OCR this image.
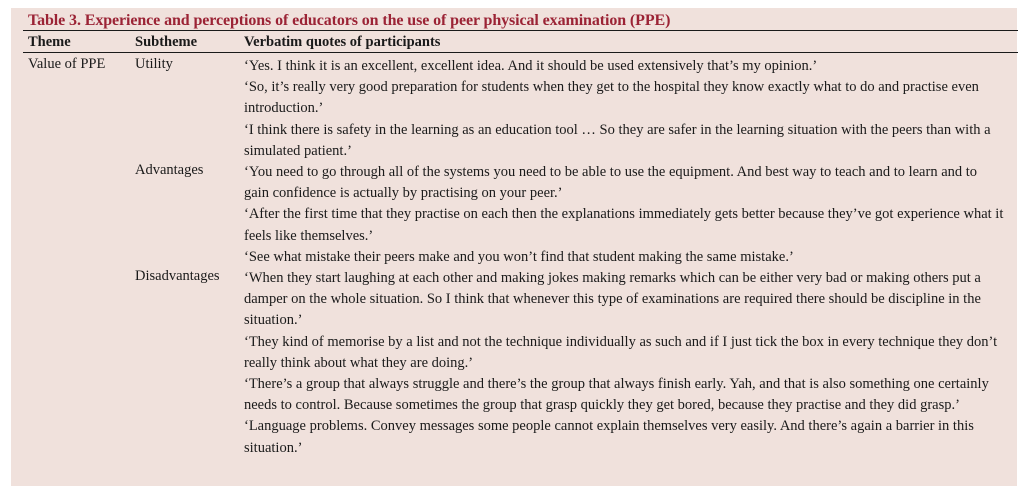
Table 3. Experience and perceptions of educators on the use of peer physical examination (PPE)
Theme	Subtheme	Verbatim quotes of participants
Value of PPE Utility
Advantages
Disadvantages

‘Yes. I think it is an excellent, excellent idea. And it should be used extensively that’s my opinion.’

‘So, it’s really very good preparation for students when they get to the hospital they know exactly what to do and practise even introduction.’

‘I think there is safety in the learning as an education tool … So they are safer in the learning situation with the peers than with a simulated patient.’

‘You need to go through all of the systems you need to be able to use the equipment. And best way to teach and to learn and to gain confidence is actually by practising on your peer.’

‘After the first time that they practise on each then the explanations immediately gets better because they’ve got experience what it feels like themselves.’

‘See what mistake their peers make and you won’t find that student making the same mistake.’

‘When they start laughing at each other and making jokes making remarks which can be either very bad or making others put a damper on the whole situation. So I think that whenever this type of examinations are required there should be discipline in the situation.’

‘They kind of memorise by a list and not the technique individually as such and if I just tick the box in every technique they don’t really think about what they are doing.’

‘There’s a group that always struggle and there’s the group that always finish early. Yah, and that is also something one certainly needs to control. Because sometimes the group that grasp quickly they get bored, because they practise and they did grasp.’

‘Language problems. Convey messages some people cannot explain themselves very easily. And there’s again a barrier in this situation.’
